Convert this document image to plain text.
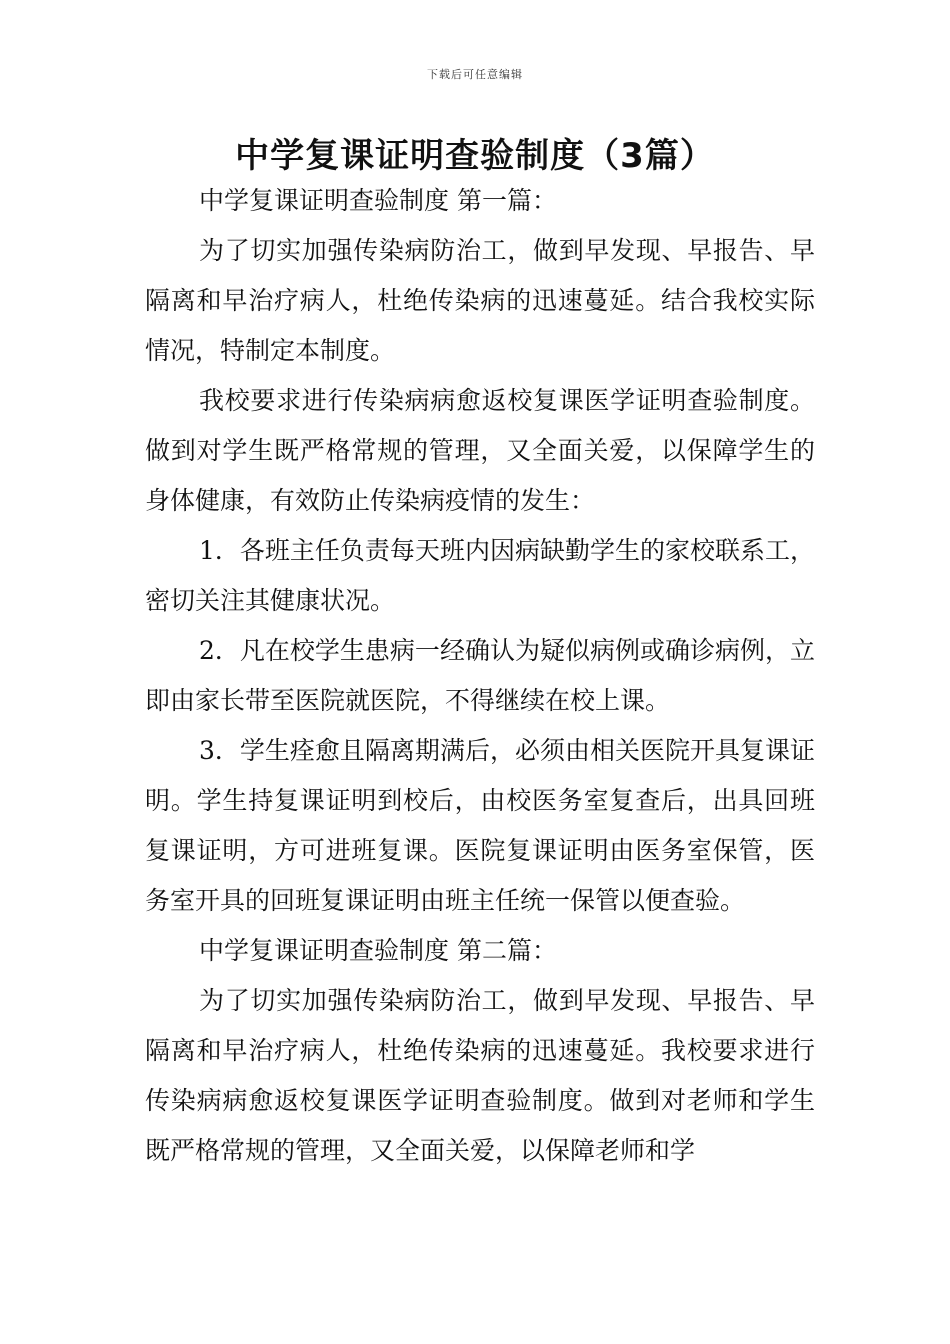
下载后可任意编辑
中学复课证明查验制度（3篇）

中学复课证明查验制度 第一篇：

为了切实加强传染病防治工，做到早发现、早报告、早隔离和早治疗病人，杜绝传染病的迅速蔓延。结合我校实际情况，特制定本制度。

我校要求进行传染病病愈返校复课医学证明查验制度。做到对学生既严格常规的管理，又全面关爱，以保障学生的身体健康，有效防止传染病疫情的发生：

1．各班主任负责每天班内因病缺勤学生的家校联系工，密切关注其健康状况。

2．凡在校学生患病一经确认为疑似病例或确诊病例，立即由家长带至医院就医院，不得继续在校上课。

3．学生痊愈且隔离期满后，必须由相关医院开具复课证明。学生持复课证明到校后，由校医务室复查后，出具回班复课证明，方可进班复课。医院复课证明由医务室保管，医务室开具的回班复课证明由班主任统一保管以便查验。

中学复课证明查验制度 第二篇：

为了切实加强传染病防治工，做到早发现、早报告、早隔离和早治疗病人，杜绝传染病的迅速蔓延。我校要求进行传染病病愈返校复课医学证明查验制度。做到对老师和学生既严格常规的管理，又全面关爱，以保障老师和学
